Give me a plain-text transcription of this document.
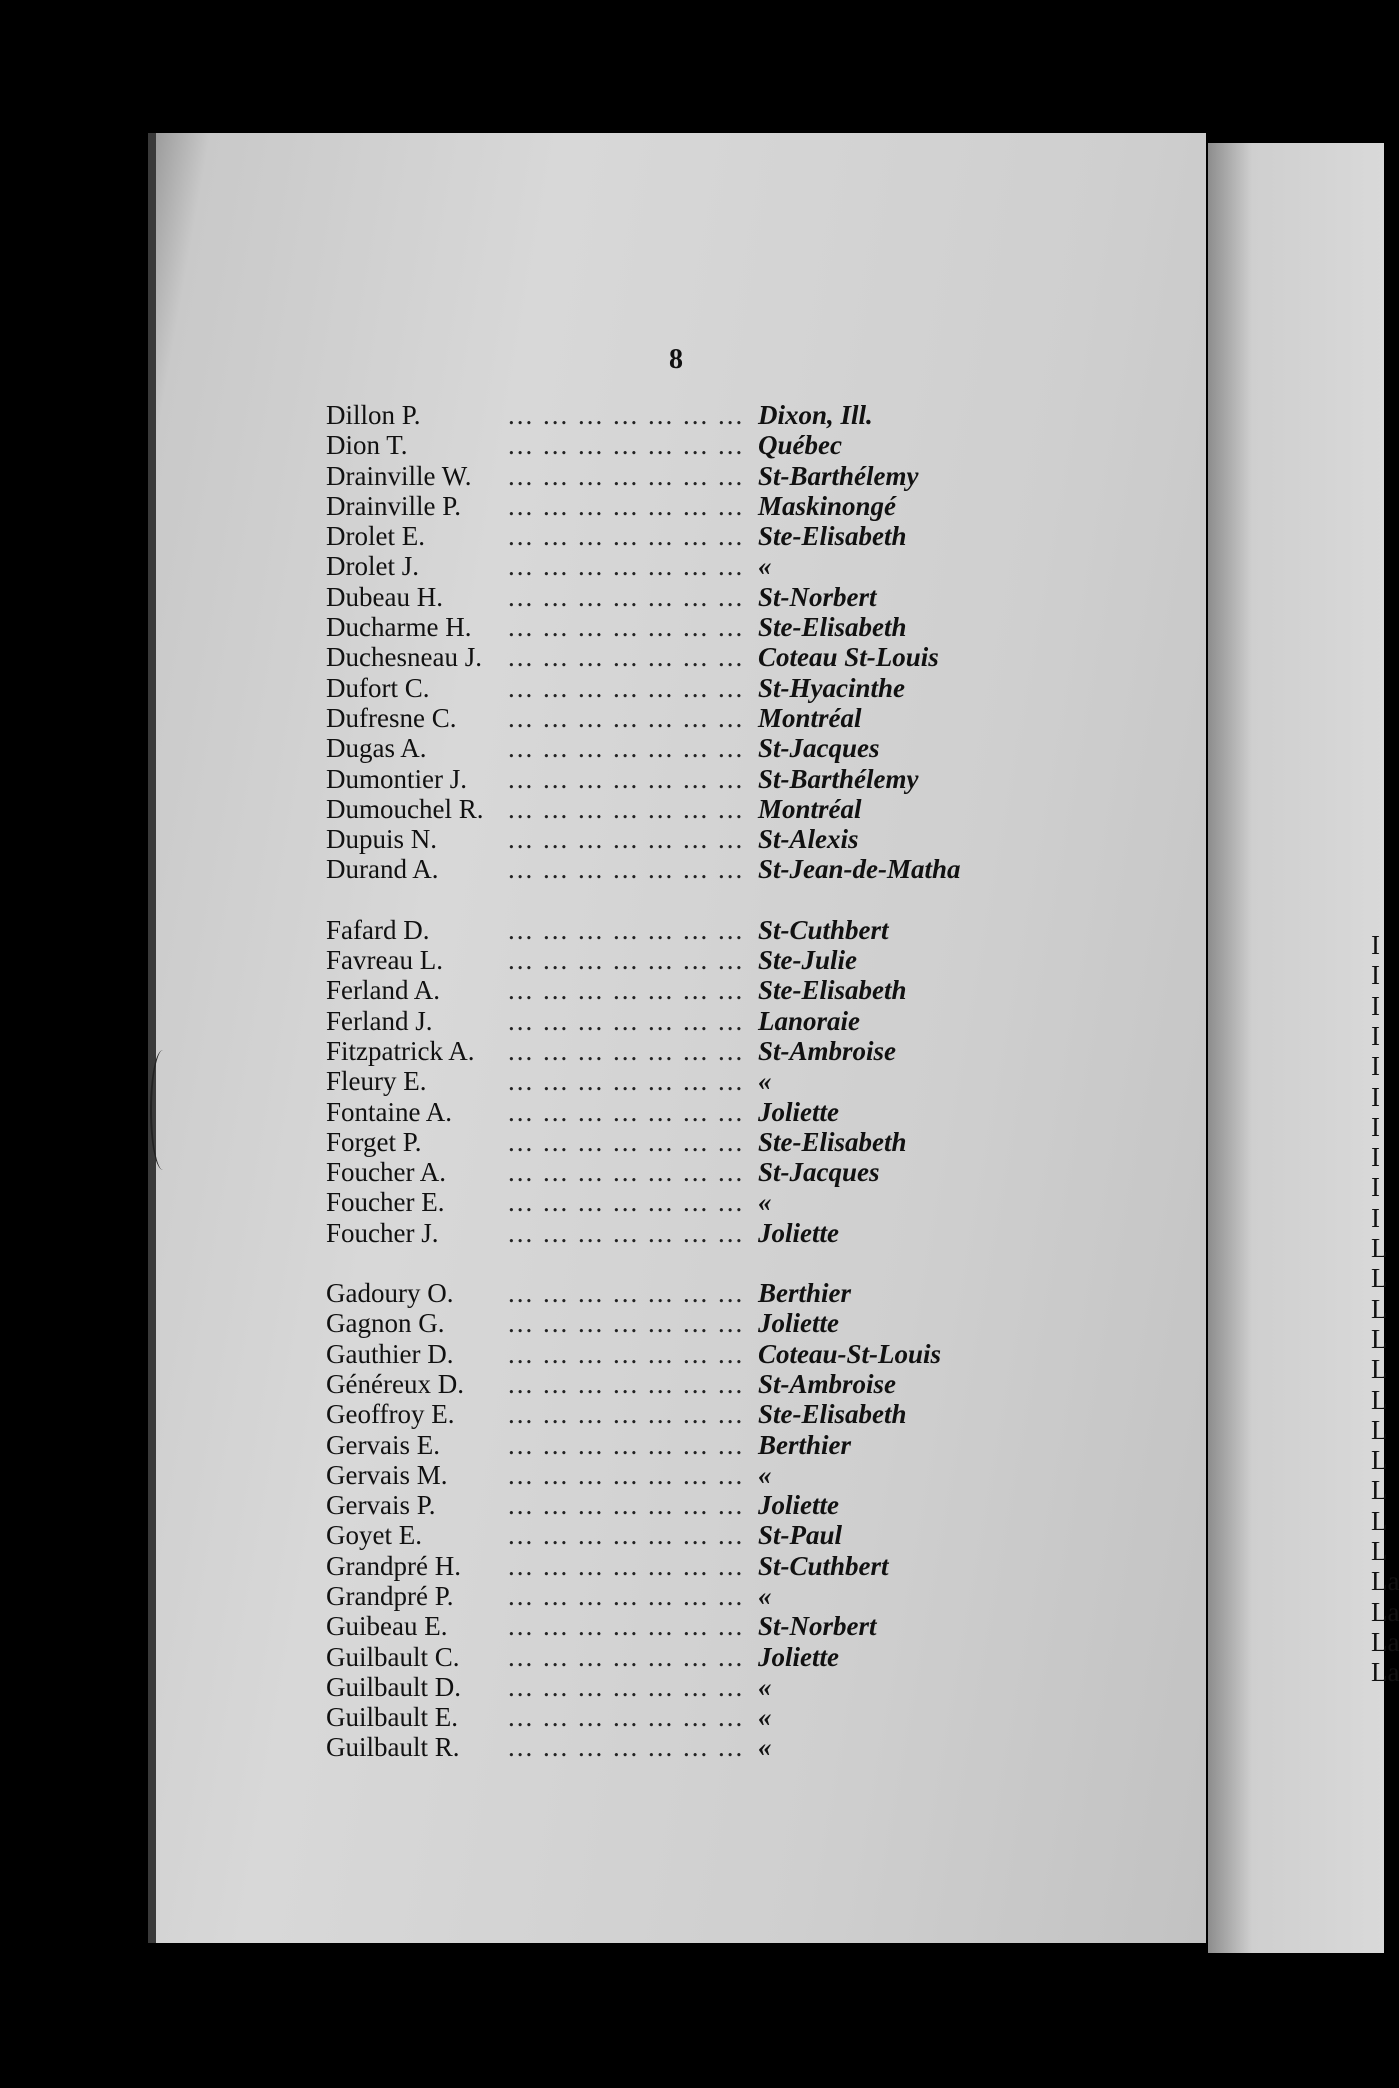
8
... ... ... ... ... ... ...
Dillon P.	Dixon, Ill.
... ... ... ... ... ... ...
Dion T.	Québec
... ... ... ... ... ... ...
Drainville W.	St-Barthélemy
... ... ... ... ... ... ...
Drainville P.	Maskinongé
... ... ... ... ... ... ...
Drolet E.	Ste-Elisabeth
... ... ... ... ... ... ...
Drolet J.	«
... ... ... ... ... ... ...
Dubeau H.	St-Norbert
... ... ... ... ... ... ...
Ducharme H.	Ste-Elisabeth
... ... ... ... ... ... ...
Duchesneau J.	Coteau St-Louis
... ... ... ... ... ... ...
Dufort C.	St-Hyacinthe
... ... ... ... ... ... ...
Dufresne C.	Montréal
... ... ... ... ... ... ...
Dugas A.	St-Jacques
... ... ... ... ... ... ...
Dumontier J.	St-Barthélemy
... ... ... ... ... ... ...
Dumouchel R.	Montréal
... ... ... ... ... ... ...
Dupuis N.	St-Alexis
... ... ... ... ... ... ...
Durand A.	St-Jean-de-Matha
... ... ... ... ... ... ...
Fafard D.	St-Cuthbert
... ... ... ... ... ... ...
Favreau L.	Ste-Julie
... ... ... ... ... ... ...
Ferland A.	Ste-Elisabeth
... ... ... ... ... ... ...
Ferland J.	Lanoraie
... ... ... ... ... ... ...
Fitzpatrick A.	St-Ambroise
... ... ... ... ... ... ...
Fleury E.	«
... ... ... ... ... ... ...
Fontaine A.	Joliette
... ... ... ... ... ... ...
Forget P.	Ste-Elisabeth
... ... ... ... ... ... ...
Foucher A.	St-Jacques
... ... ... ... ... ... ...
Foucher E.	«
... ... ... ... ... ... ...
Foucher J.	Joliette
... ... ... ... ... ... ...
Gadoury O.	Berthier
... ... ... ... ... ... ...
Gagnon G.	Joliette
... ... ... ... ... ... ...
Gauthier D.	Coteau-St-Louis
... ... ... ... ... ... ...
Généreux D.	St-Ambroise
... ... ... ... ... ... ...
Geoffroy E.	Ste-Elisabeth
... ... ... ... ... ... ...
Gervais E.	Berthier
... ... ... ... ... ... ...
Gervais M.	«
... ... ... ... ... ... ...
Gervais P.	Joliette
... ... ... ... ... ... ...
Goyet E.	St-Paul
... ... ... ... ... ... ...
Grandpré H.	St-Cuthbert
... ... ... ... ... ... ...
Grandpré P.	«
... ... ... ... ... ... ...
Guibeau E.	St-Norbert
... ... ... ... ... ... ...
Guilbault C.	Joliette
... ... ... ... ... ... ...
Guilbault D.	«
... ... ... ... ... ... ...
Guilbault E.	«
... ... ... ... ... ... ...
Guilbault R.	«
I
I
I
I
I
I
I
I
I
I
L
L
L
L
L
L
L
L
L
L
L
La
La
La
La
